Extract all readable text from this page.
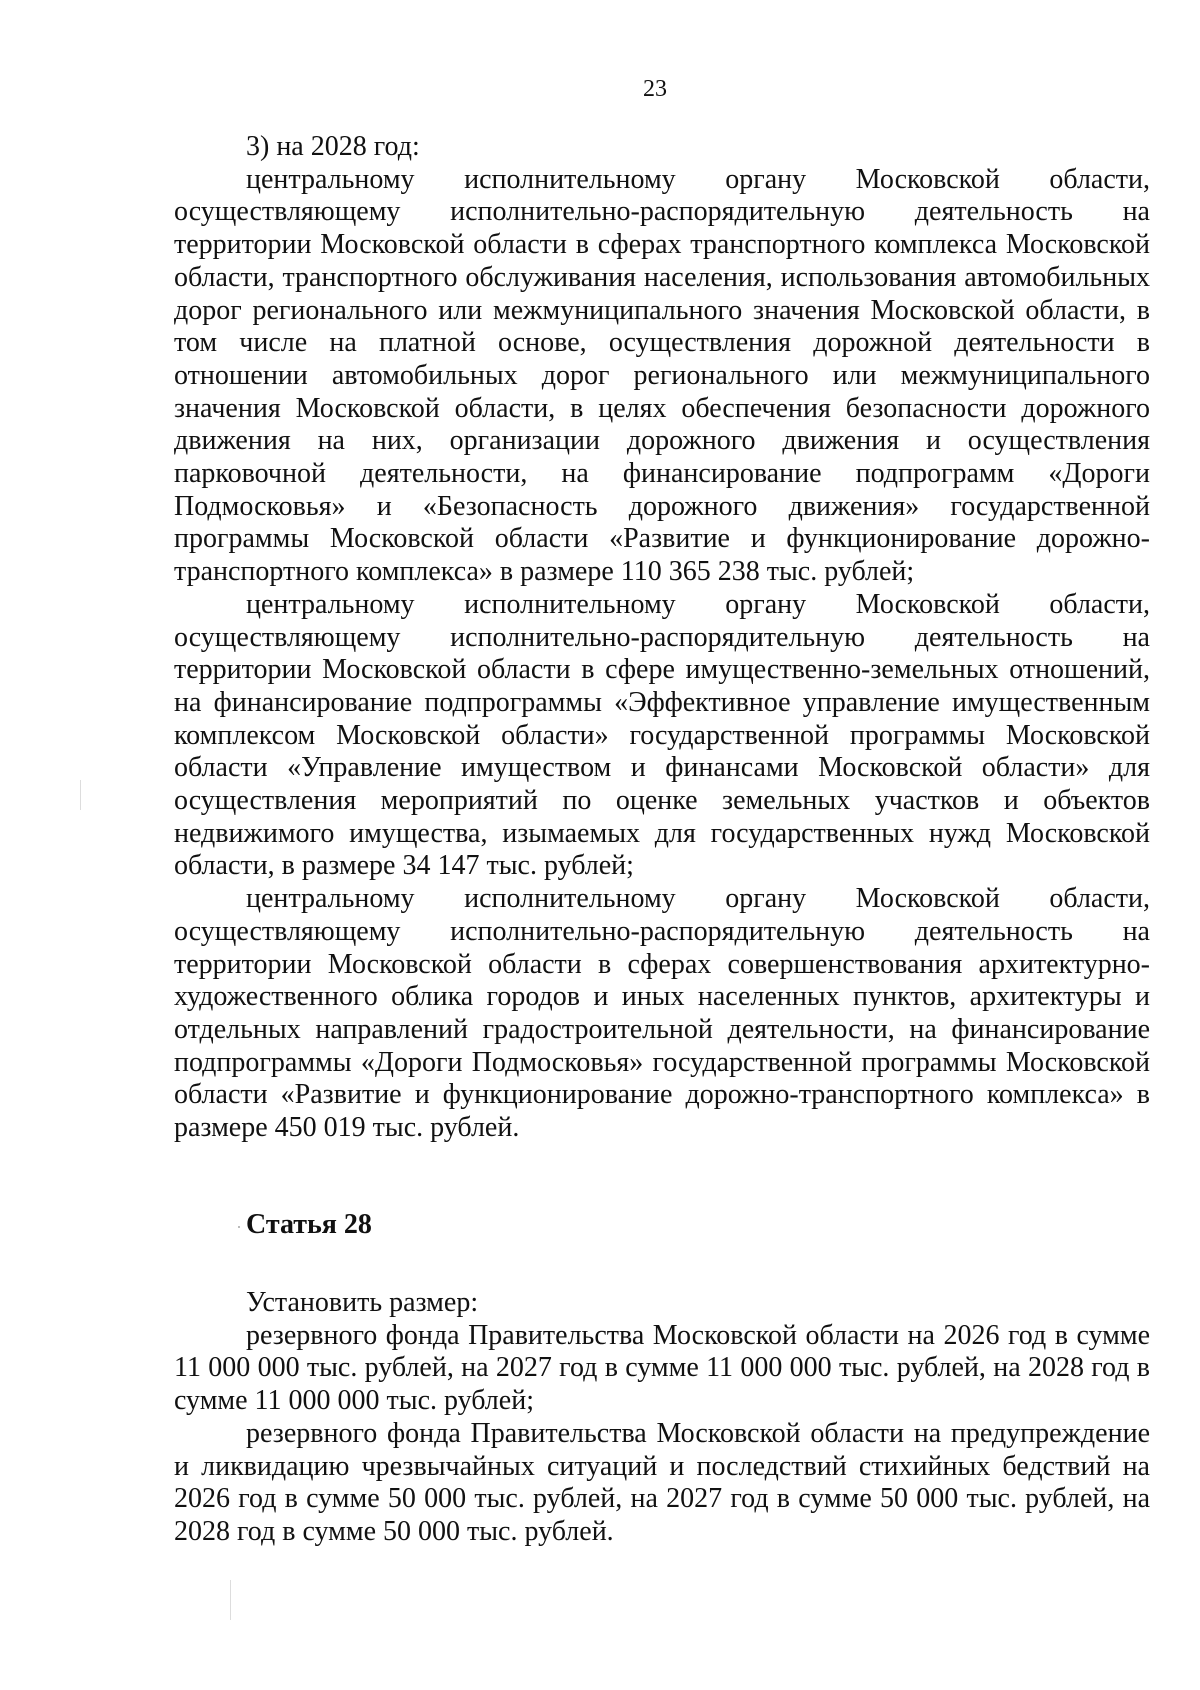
23

3) на 2028 год:

центральному исполнительному органу Московской области, осуществляющему исполнительно-распорядительную деятельность на территории Московской области в сферах транспортного комплекса Московской области, транспортного обслуживания населения, использования автомобильных дорог регионального или межмуниципального значения Московской области, в том числе на платной основе, осуществления дорожной деятельности в отношении автомобильных дорог регионального или межмуниципального значения Московской области, в целях обеспечения безопасности дорожного движения на них, организации дорожного движения и осуществления парковочной деятельности, на финансирование подпрограмм «Дороги Подмосковья» и «Безопасность дорожного движения» государственной программы Московской области «Развитие и функционирование дорожно-транспортного комплекса» в размере 110 365 238 тыс. рублей;

центральному исполнительному органу Московской области, осуществляющему исполнительно-распорядительную деятельность на территории Московской области в сфере имущественно-земельных отношений, на финансирование подпрограммы «Эффективное управление имущественным комплексом Московской области» государственной программы Московской области «Управление имуществом и финансами Московской области» для осуществления мероприятий по оценке земельных участков и объектов недвижимого имущества, изымаемых для государственных нужд Московской области, в размере 34 147 тыс. рублей;

центральному исполнительному органу Московской области, осуществляющему исполнительно-распорядительную деятельность на территории Московской области в сферах совершенствования архитектурно-художественного облика городов и иных населенных пунктов, архитектуры и отдельных направлений градостроительной деятельности, на финансирование подпрограммы «Дороги Подмосковья» государственной программы Московской области «Развитие и функционирование дорожно-транспортного комплекса» в размере 450 019 тыс. рублей.

Статья 28

Установить размер:

резервного фонда Правительства Московской области на 2026 год в сумме 11 000 000 тыс. рублей, на 2027 год в сумме 11 000 000 тыс. рублей, на 2028 год в сумме 11 000 000 тыс. рублей;

резервного фонда Правительства Московской области на предупреждение и ликвидацию чрезвычайных ситуаций и последствий стихийных бедствий на 2026 год в сумме 50 000 тыс. рублей, на 2027 год в сумме 50 000 тыс. рублей, на 2028 год в сумме 50 000 тыс. рублей.
